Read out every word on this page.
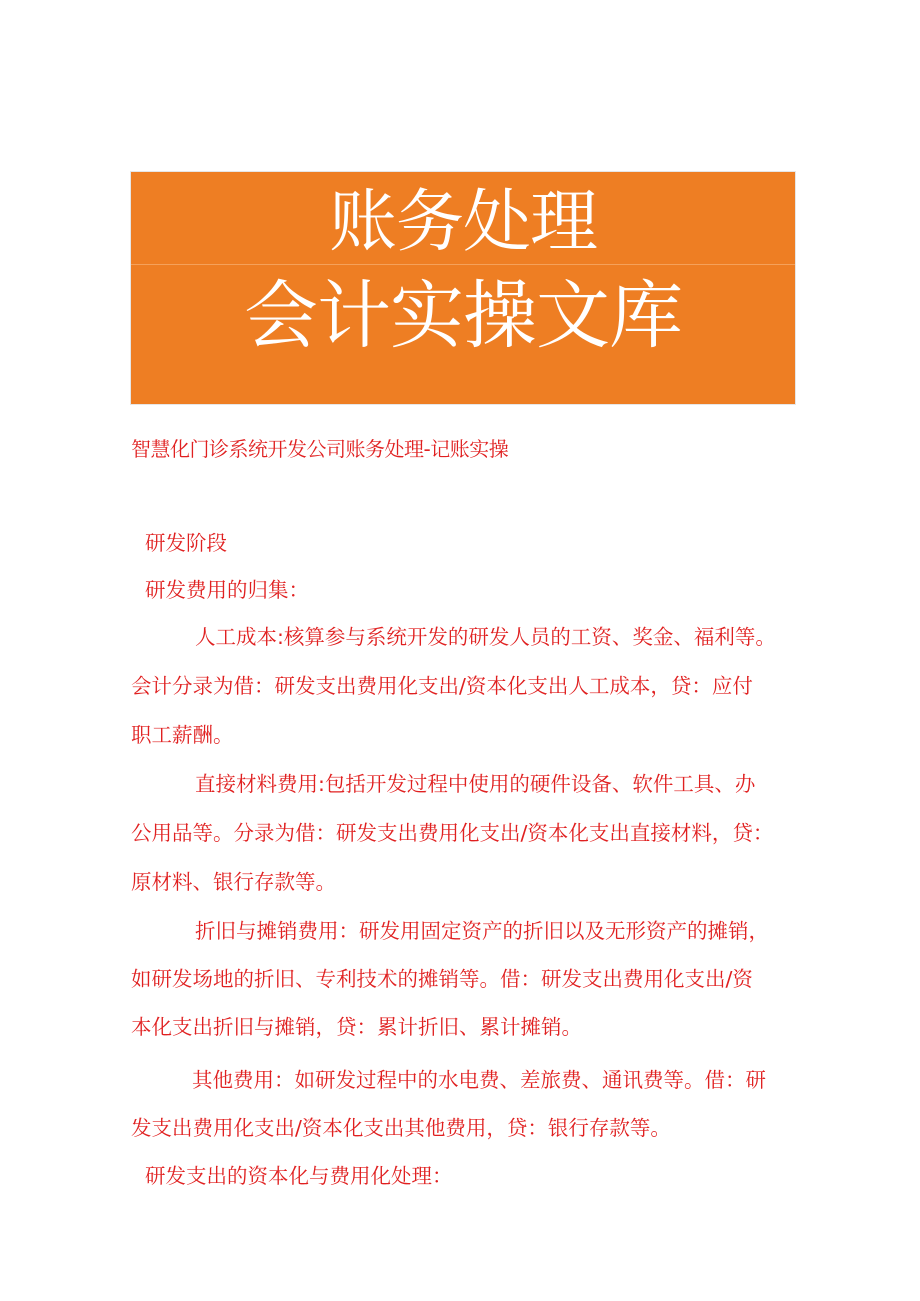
账务处理
会计实操文库
智慧化门诊系统开发公司账务处理-记账实操
研发阶段
研发费用的归集：
人工成本:核算参与系统开发的研发人员的工资、奖金、福利等。
会计分录为借：研发支出费用化支出/资本化支出人工成本，贷：应付
职工薪酬。
直接材料费用:包括开发过程中使用的硬件设备、软件工具、办
公用品等。分录为借：研发支出费用化支出/资本化支出直接材料，贷：
原材料、银行存款等。
折旧与摊销费用：研发用固定资产的折旧以及无形资产的摊销，
如研发场地的折旧、专利技术的摊销等。借：研发支出费用化支出/资
本化支出折旧与摊销，贷：累计折旧、累计摊销。
其他费用：如研发过程中的水电费、差旅费、通讯费等。借：研
发支出费用化支出/资本化支出其他费用，贷：银行存款等。
研发支出的资本化与费用化处理：
